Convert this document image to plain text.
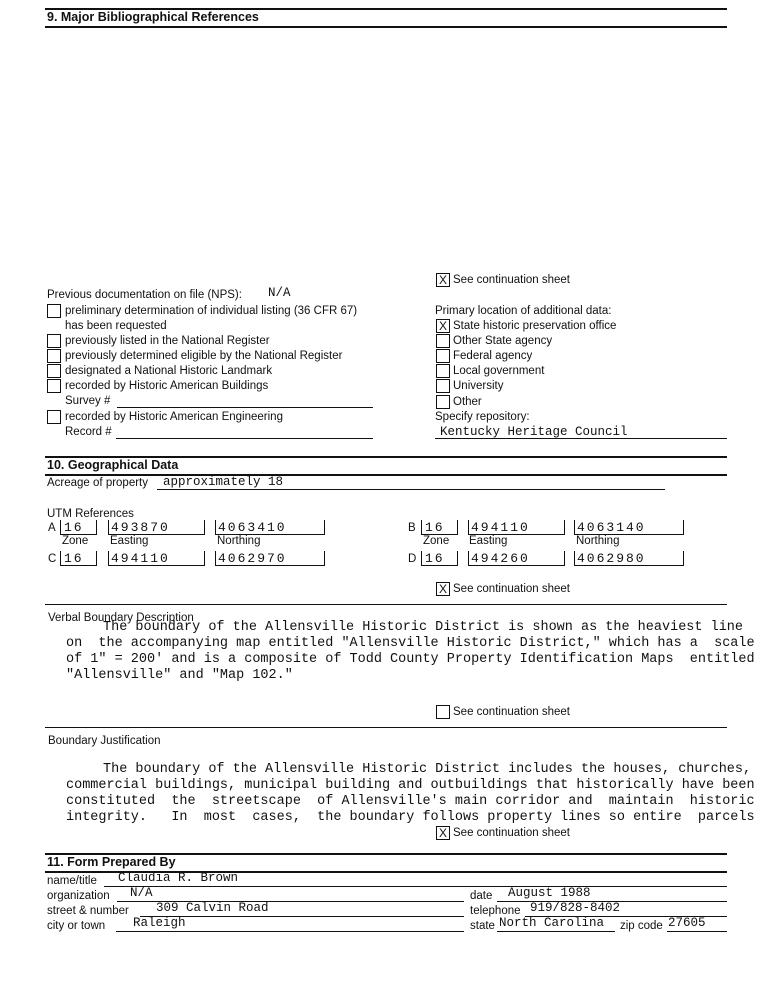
9. Major Bibliographical References
X See continuation sheet
Previous documentation on file (NPS): N/A
preliminary determination of individual listing (36 CFR 67)
has been requested
previously listed in the National Register
previously determined eligible by the National Register
designated a National Historic Landmark
recorded by Historic American Buildings
Survey #
recorded by Historic American Engineering
Record #
Primary location of additional data:
X State historic preservation office
Other State agency
Federal agency
Local government
University
Other
Specify repository:
Kentucky Heritage Council
10. Geographical Data
Acreage of property approximately 18
UTM References
A 16 493870	4063410
Zone Easting	Northing
B 16 494110	4063140
Zone Easting	Northing
C 16 494110	4062970	D 16 494260	4062980
X See continuation sheet
Verbal Boundary Description
The boundary of the Allensville Historic District is shown as the heaviest line
on  the accompanying map entitled "Allensville Historic District," which has a  scale
of 1" = 200' and is a composite of Todd County Property Identification Maps  entitled
"Allensville" and "Map 102."
See continuation sheet
Boundary Justification
The boundary of the Allensville Historic District includes the houses, churches,
commercial buildings, municipal building and outbuildings that historically have been
constituted  the  streetscape  of Allensville's main corridor and  maintain  historic
integrity.   In  most  cases,  the boundary follows property lines so entire  parcels
X See continuation sheet
11. Form Prepared By
name/title Claudia R. Brown
organization N/A	date August 1988
street & number 309 Calvin Road	telephone 919/828-8402
city or town Raleigh	state North Carolina zip code 27605
